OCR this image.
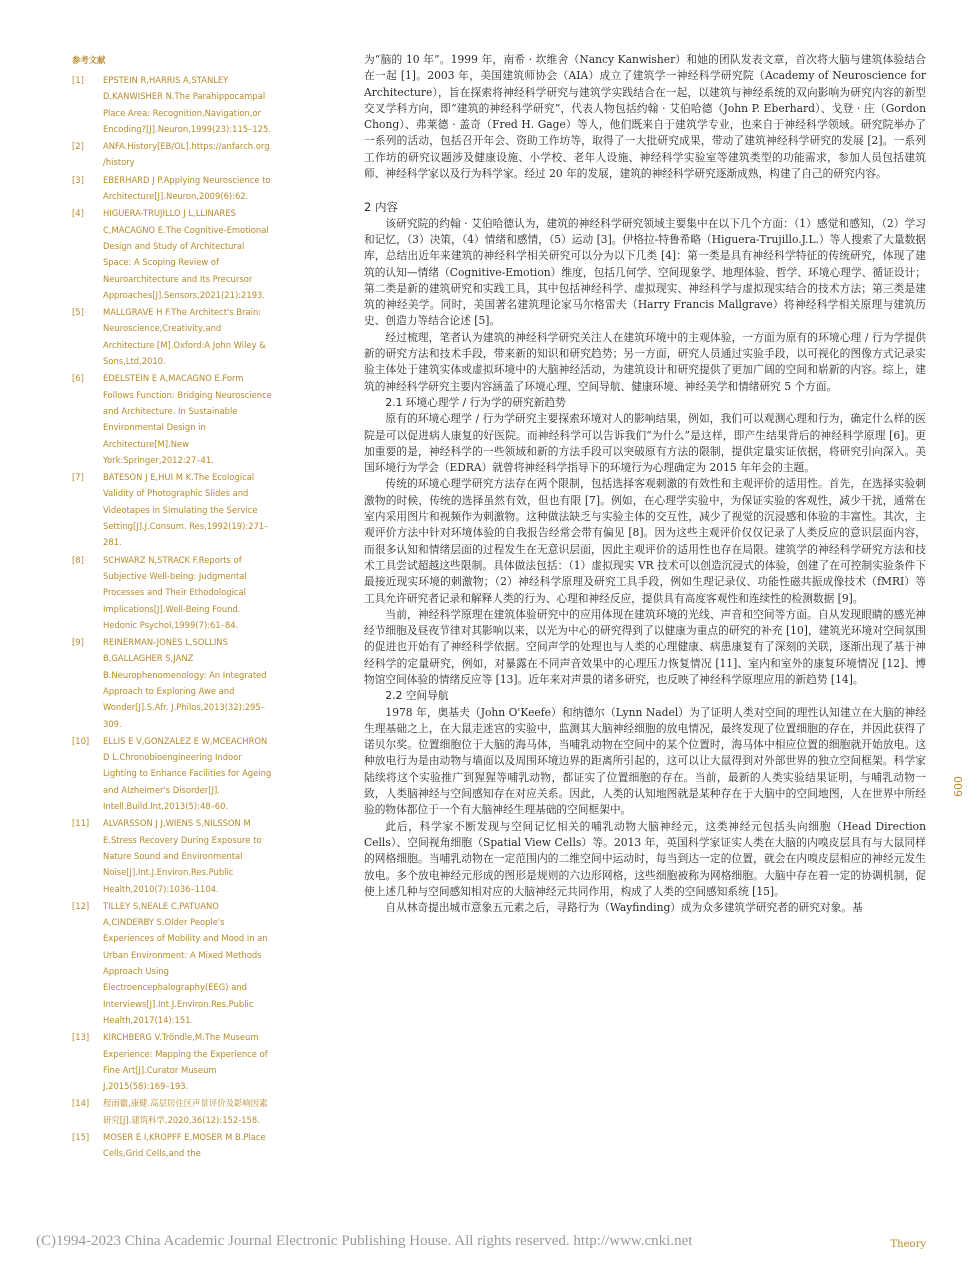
参考文献
[1]	EPSTEIN R,HARRIS A,STANLEY D,KANWISHER N.The Parahippocampal Place Area: Recognition,Navigation,or Encoding?[J].Neuron,1999(23):115–125.
[2]	ANFA.History[EB/OL].https://anfarch.org/history
[3]	EBERHARD J P.Applying Neuroscience to Architecture[J].Neuron,2009(6):62.
[4]	HIGUERA-TRUJILLO J L,LLINARES C,MACAGNO E.The Cognitive-Emotional Design and Study of Architectural Space: A Scoping Review of Neuroarchitecture and Its Precursor Approaches[J].Sensors,2021(21):2193.
[5]	MALLGRAVE H F.The Architect's Brain: Neuroscience,Creativity,and Architecture [M].Oxford:A John Wiley & Sons,Ltd,2010.
[6]	EDELSTEIN E A,MACAGNO E.Form Follows Function: Bridging Neuroscience and Architecture. In Sustainable Environmental Design in Architecture[M].New York:Springer,2012:27–41.
[7]	BATESON J E,HUI M K.The Ecological Validity of Photographic Slides and Videotapes in Simulating the Service Setting[J].J.Consum. Res,1992(19):271–281.
[8]	SCHWARZ N,STRACK F.Reports of Subjective Well-being: Judgmental Processes and Their Ethodological Implications[J].Well-Being Found. Hedonic Psychol,1999(7):61–84.
[9]	REINERMAN-JONES L,SOLLINS B,GALLAGHER S,JANZ B.Neurophenomenology: An Integrated Approach to Exploring Awe and Wonder[J].S.Afr. J.Philos,2013(32):295–309.
[10]	ELLIS E V,GONZALEZ E W,MCEACHRON D L.Chronobioengineering Indoor Lighting to Enhance Facilities for Ageing and Alzheimer's Disorder[J]. Intell.Build.Int,2013(5):48–60.
[11]	ALVARSSON J J,WIENS S,NILSSON M E.Stress Recovery During Exposure to Nature Sound and Environmental Noise[J].Int.J.Environ.Res.Public Health,2010(7):1036–1104.
[12]	TILLEY S,NEALE C,PATUANO A,CINDERBY S.Older People's Experiences of Mobility and Mood in an Urban Environment: A Mixed Methods Approach Using Electroencephalography(EEG) and Interviews[J].Int.J.Environ.Res.Public Health,2017(14):151.
[13]	KIRCHBERG V.Tröndle,M.The Museum Experience: Mapping the Experience of Fine Art[J].Curator Museum J,2015(58):169–193.
[14]	程雨徽,康健.高层居住区声景评价及影响因素研究[J].建筑科学,2020,36(12):152-158.
[15]	MOSER E I,KROPFF E,MOSER M B.Place Cells,Grid Cells,and the

为“脑的 10 年”。1999 年，南希 · 坎维舍（Nancy Kanwisher）和她的团队发表文章，首次将大脑与建筑体验结合在一起 [1]。2003 年，美国建筑师协会（AIA）成立了建筑学一神经科学研究院（Academy of Neuroscience for Architecture），旨在探索将神经科学研究与建筑学实践结合在一起，以建筑与神经系统的双向影响为研究内容的新型交叉学科方向，即“建筑的神经科学研究”，代表人物包括约翰 · 艾伯哈德（John P. Eberhard）、戈登 · 庄（Gordon Chong）、弗莱德 · 盖奇（Fred H. Gage）等人，他们既来自于建筑学专业，也来自于神经科学领域。研究院举办了一系列的活动，包括召开年会、资助工作坊等，取得了一大批研究成果，带动了建筑神经科学研究的发展 [2]。一系列工作坊的研究议题涉及健康设施、小学校、老年人设施、神经科学实验室等建筑类型的功能需求，参加人员包括建筑师、神经科学家以及行为科学家。经过 20 年的发展，建筑的神经科学研究逐渐成熟，构建了自己的研究内容。

2 内容

该研究院的约翰 · 艾伯哈德认为，建筑的神经科学研究领域主要集中在以下几个方面：（1）感觉和感知，（2）学习和记忆，（3）决策，（4）情绪和感情，（5）运动 [3]。伊格拉-特鲁希略（Higuera-Trujillo.J.L.）等人搜索了大量数据库，总结出近年来建筑的神经科学相关研究可以分为以下几类 [4]：第一类是具有神经科学特征的传统研究，体现了建筑的认知—情绪（Cognitive-Emotion）维度，包括几何学、空间现象学、地理体验、哲学、环境心理学、循证设计；第二类是新的建筑研究和实践工具，其中包括神经科学、虚拟现实、神经科学与虚拟现实结合的技术方法；第三类是建筑的神经美学。同时，美国著名建筑理论家马尔格雷夫（Harry Francis Mallgrave）将神经科学相关原理与建筑历史、创造力等结合论述 [5]。

经过梳理，笔者认为建筑的神经科学研究关注人在建筑环境中的主观体验，一方面为原有的环境心理 / 行为学提供新的研究方法和技术手段，带来新的知识和研究趋势；另一方面，研究人员通过实验手段，以可视化的图像方式记录实验主体处于建筑实体或虚拟环境中的大脑神经活动，为建筑设计和研究提供了更加广阔的空间和崭新的内容。综上，建筑的神经科学研究主要内容涵盖了环境心理、空间导航、健康环境、神经美学和情绪研究 5 个方面。

2.1 环境心理学 / 行为学的研究新趋势

原有的环境心理学 / 行为学研究主要探索环境对人的影响结果，例如，我们可以观测心理和行为，确定什么样的医院是可以促进病人康复的好医院。而神经科学可以告诉我们“为什么”是这样，即产生结果背后的神经科学原理 [6]。更加重要的是，神经科学的一些领域和新的方法手段可以突破原有方法的限制，提供定量实证依据，将研究引向深入。美国环境行为学会（EDRA）就曾将神经科学指导下的环境行为心理确定为 2015 年年会的主题。

传统的环境心理学研究方法存在两个限制，包括选择客观刺激的有效性和主观评价的适用性。首先，在选择实验刺激物的时候，传统的选择虽然有效，但也有限 [7]。例如，在心理学实验中，为保证实验的客观性，减少干扰，通常在室内采用图片和视频作为刺激物。这种做法缺乏与实验主体的交互性，减少了视觉的沉浸感和体验的丰富性。其次，主观评价方法中针对环境体验的自我报告经常会带有偏见 [8]。因为这些主观评价仅仅记录了人类反应的意识层面内容，而很多认知和情绪层面的过程发生在无意识层面，因此主观评价的适用性也存在局限。建筑学的神经科学研究方法和技术工具尝试超越这些限制。具体做法包括：（1）虚拟现实 VR 技术可以创造沉浸式的体验，创建了在可控制实验条件下最接近现实环境的刺激物；（2）神经科学原理及研究工具手段，例如生理记录仪、功能性磁共振成像技术（fMRI）等工具允许研究者记录和解释人类的行为、心理和神经反应，提供具有高度客观性和连续性的检测数据 [9]。

当前，神经科学原理在建筑体验研究中的应用体现在建筑环境的光线、声音和空间等方面。自从发现眼睛的感光神经节细胞及昼夜节律对其影响以来，以光为中心的研究得到了以健康为重点的研究的补充 [10]，建筑光环境对空间氛围的促进也开始有了神经科学依据。空间声学的处理也与人类的心理健康、病患康复有了深刻的关联，逐渐出现了基于神经科学的定量研究，例如，对暴露在不同声音效果中的心理压力恢复情况 [11]、室内和室外的康复环境情况 [12]、博物馆空间体验的情绪反应等 [13]。近年来对声景的诸多研究，也反映了神经科学原理应用的新趋势 [14]。

2.2 空间导航

1978 年，奥基夫（John O'Keefe）和纳德尔（Lynn Nadel）为了证明人类对空间的理性认知建立在大脑的神经生理基础之上，在大鼠走迷宫的实验中，监测其大脑神经细胞的放电情况，最终发现了位置细胞的存在，并因此获得了诺贝尔奖。位置细胞位于大脑的海马体，当哺乳动物在空间中的某个位置时，海马体中相应位置的细胞就开始放电。这种放电行为是由动物与墙面以及周围环境边界的距离所引起的，这可以让大鼠得到对外部世界的独立空间框架。科学家陆续将这个实验推广到猩猩等哺乳动物，都证实了位置细胞的存在。当前，最新的人类实验结果证明，与哺乳动物一致，人类脑神经与空间感知存在对应关系。因此，人类的认知地图就是某种存在于大脑中的空间地图，人在世界中所经验的物体都位于一个有大脑神经生理基础的空间框架中。

此后，科学家不断发现与空间记忆相关的哺乳动物大脑神经元，这类神经元包括头向细胞（Head Direction Cells）、空间视角细胞（Spatial View Cells）等。2013 年，英国科学家证实人类在大脑的内嗅皮层具有与大鼠同样的网格细胞。当哺乳动物在一定范围内的二维空间中运动时，每当到达一定的位置，就会在内嗅皮层相应的神经元发生放电。多个放电神经元形成的图形是规则的六边形网格，这些细胞被称为网格细胞。大脑中存在着一定的协调机制，促使上述几种与空间感知相对应的大脑神经元共同作用，构成了人类的空间感知系统 [15]。

自从林奇提出城市意象五元素之后，寻路行为（Wayfinding）成为众多建筑学研究者的研究对象。基

009
(C)1994-2023 China Academic Journal Electronic Publishing House. All rights reserved. http://www.cnki.net	Theory
